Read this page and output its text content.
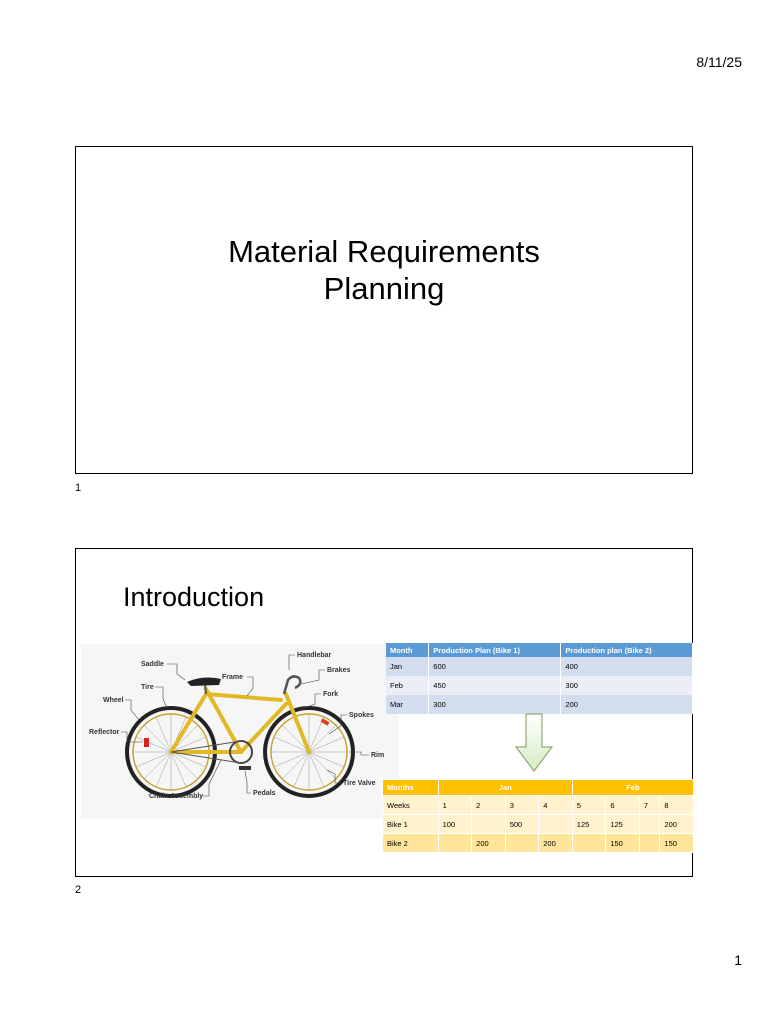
8/11/25
Material Requirements
Planning
1
Introduction
Saddle
Frame
Handlebar
Brakes
Tire
Fork
Wheel
Spokes
Reflector
Rim
Tire Valve
Chain Assembly	Pedals
Month	Production Plan (Bike 1)	Production plan (Bike 2)
Jan	600	400
Feb	450	300
Mar	300	200
Months	Jan				Feb			
Weeks	1	2	3	4	5	6	7	8
Bike 1	100		500		125	125		200
Bike 2		200		200		150		150
2
1
